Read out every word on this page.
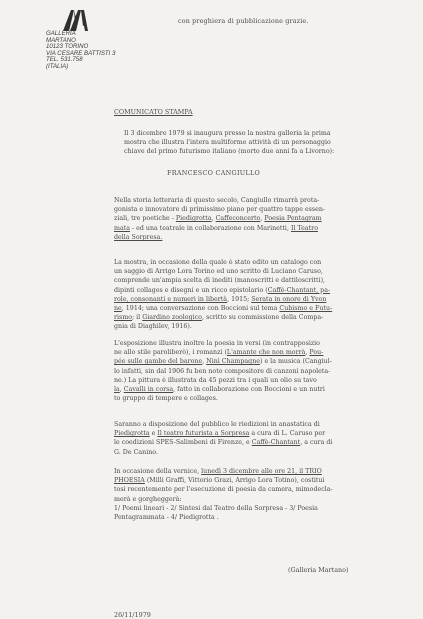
GALLERIA
MARTANO
10123 TORINO
VIA CESARE BATTISTI 3
TEL. 531.758
(ITALIA)
con preghiera di pubblicazione grazie.
COMUNICATO STAMPA
Il 3 dicembre 1979 si inaugura presso la nostra galleria la prima
mostra che illustra l'intera multiforme attività di un personaggio
chiave del primo futurismo italiano (morto due anni fa a Livorno):
FRANCESCO CANGIULLO
(Galleria Martano)
26/11/1979
Nella storia letteraria di questo secolo, Cangiullo rimarrà prota-
gonista e innovatore di primissimo piano per quattro tappe essen-
ziali, tre poetiche - Piedigrotta, Caffeconcerto, Poesia Pentagram
mata - ed una teatrale in collaborazione con Marinetti, Il Teatro
della Sorpresa.
La mostra, in occasione della quale è stato edito un catalogo con
un saggio di Arrigo Lora Torino ed uno scritto di Luciano Caruso,
comprende un'ampia scelta di inediti (manoscritti e dattiloscritti),
dipinti collages e disegni e un ricco epistolario (Caffè-Chantant, pa-
role, consonanti e numeri in libertà, 1915; Serata in onore di Yvon
ne, 1914; una conversazione con Boccioni sul tema Cubismo e Futu-
rismo; il Giardino zoologico, scritto su commissione della Compa-
gnia di Diaghilev, 1916).
L'esposizione illustra inoltre la poesia in versi (in contrapposizio
ne allo stile paroliberò), i romanzi (L'amante che non morrà, Pou-
pée sulle gambe del barone, Ninì Champagne) e la musica (Cangiul-
lo infatti, sin dal 1906 fu ben noto compositore di canzoni napoleta-
ne.) La pittura è illustrata da 45 pezzi tra i quali un olio su tavo
la, Cavalli in corsa, fatto in collaborazione con Boccioni e un nutri
to gruppo di tempere e collages.
Saranno a disposizione del pubblico le riedizioni in anastatica di
Piedigrotta e Il teatro futurista a Sorpresa a cura di L. Caruso per
le coedizioni SPES-Salimbeni di Firenze, e Caffè-Chantant, a cura di
G. De Canino.
In occasione della vernice, lunedì 3 dicembre alle ore 21, il TRIO
PHOESIA (Milli Graffi, Vittorio Grazi, Arrigo Lora Totino), costitui
tosi recentemente per l'esecuzione di poesia da camera, mimodecla-
merà e gorgheggerà:
1/ Poemi lineari - 2/ Sintesi dal Teatro della Sorpresa - 3/ Poesia
Pentagrammata - 4/ Piedigrotta .
